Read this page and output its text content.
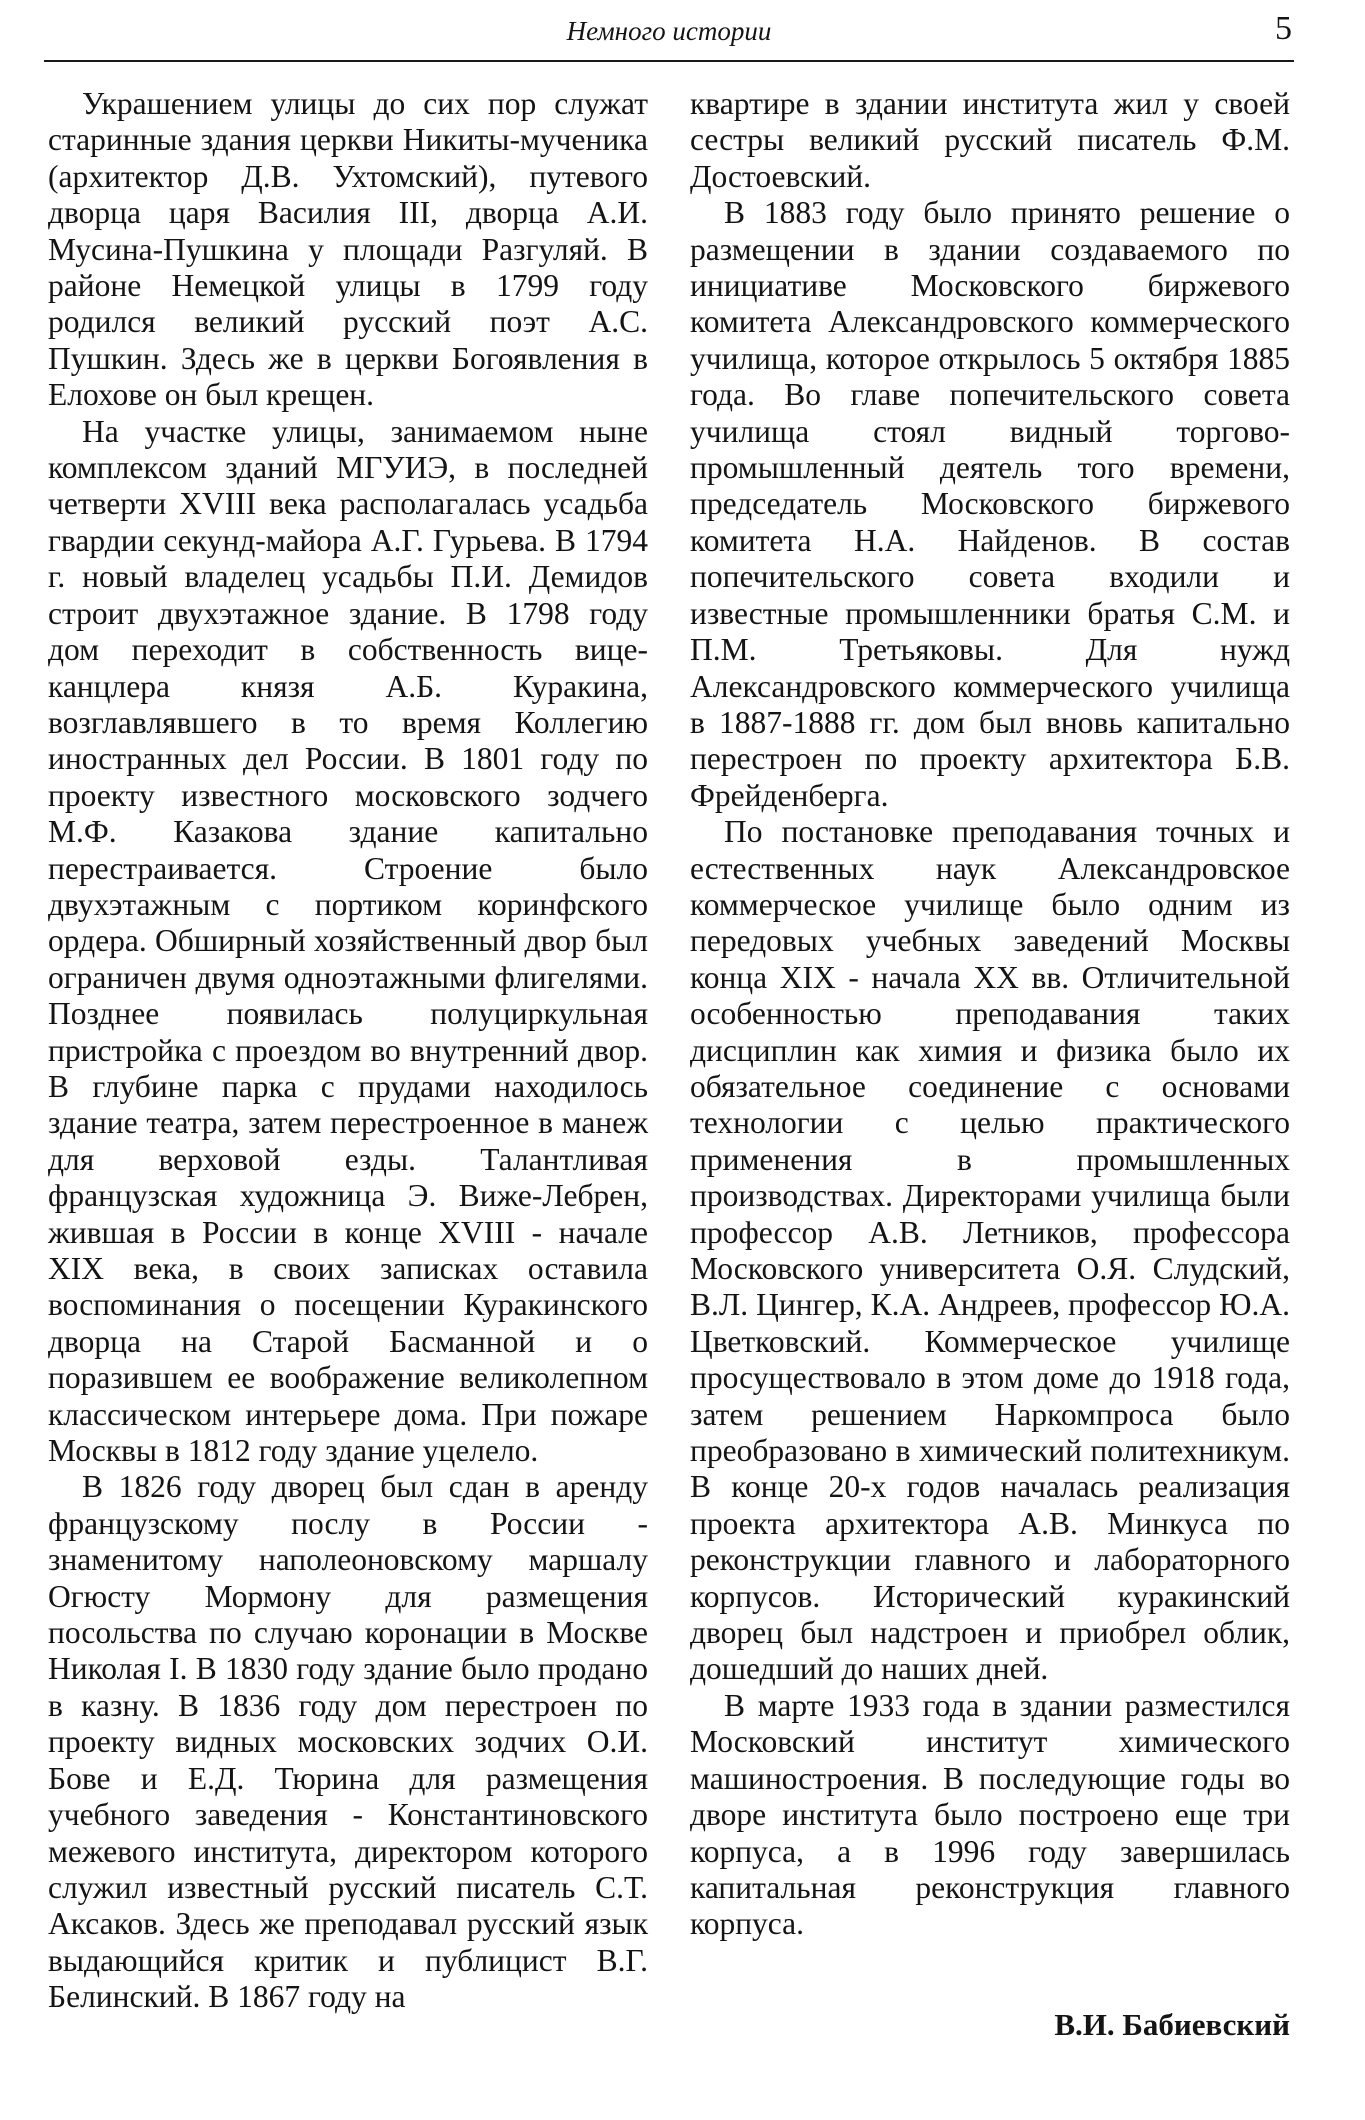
Немного истории	5

Украшением улицы до сих пор служат старинные здания церкви Никиты-мученика (архитектор Д.В. Ухтомский), путевого дворца царя Василия III, дворца А.И. Мусина-Пушкина у площади Разгуляй. В районе Немецкой улицы в 1799 году родился великий русский поэт А.С. Пушкин. Здесь же в церкви Богоявления в Елохове он был крещен.

На участке улицы, занимаемом ныне комплексом зданий МГУИЭ, в последней четверти XVIII века располагалась усадьба гвардии секунд-майора А.Г. Гурьева. В 1794 г. новый владелец усадьбы П.И. Демидов строит двухэтажное здание. В 1798 году дом переходит в собственность вице-канцлера князя А.Б. Куракина, возглавлявшего в то время Коллегию иностранных дел России. В 1801 году по проекту известного московского зодчего М.Ф. Казакова здание капитально перестраивается. Строение было двухэтажным с портиком коринфского ордера. Обширный хозяйственный двор был ограничен двумя одноэтажными флигелями. Позднее появилась полуциркульная пристройка с проездом во внутренний двор. В глубине парка с прудами находилось здание театра, затем перестроенное в манеж для верховой езды. Талантливая французская художница Э. Виже-Лебрен, жившая в России в конце XVIII - начале XIX века, в своих записках оставила воспоминания о посещении Куракинского дворца на Старой Басманной и о поразившем ее воображение великолепном классическом интерьере дома. При пожаре Москвы в 1812 году здание уцелело.

В 1826 году дворец был сдан в аренду французскому послу в России - знаменитому наполеоновскому маршалу Огюсту Мормону для размещения посольства по случаю коронации в Москве Николая I. В 1830 году здание было продано в казну. В 1836 году дом перестроен по проекту видных московских зодчих О.И. Бове и Е.Д. Тюрина для размещения учебного заведения - Константиновского межевого института, директором которого служил известный русский писатель С.Т. Аксаков. Здесь же преподавал русский язык выдающийся критик и публицист В.Г. Белинский. В 1867 году на

квартире в здании института жил у своей сестры великий русский писатель Ф.М. Достоевский.

В 1883 году было принято решение о размещении в здании создаваемого по инициативе Московского биржевого комитета Александровского коммерческого училища, которое открылось 5 октября 1885 года. Во главе попечительского совета училища стоял видный торгово-промышленный деятель того времени, председатель Московского биржевого комитета Н.А. Найденов. В состав попечительского совета входили и известные промышленники братья С.М. и П.М. Третьяковы. Для нужд Александровского коммерческого училища в 1887-1888 гг. дом был вновь капитально перестроен по проекту архитектора Б.В. Фрейденберга.

По постановке преподавания точных и естественных наук Александровское коммерческое училище было одним из передовых учебных заведений Москвы конца XIX - начала XX вв. Отличительной особенностью преподавания таких дисциплин как химия и физика было их обязательное соединение с основами технологии с целью практического применения в промышленных производствах. Директорами училища были профессор А.В. Летников, профессора Московского университета О.Я. Слудский, В.Л. Цингер, К.А. Андреев, профессор Ю.А. Цветковский. Коммерческое училище просуществовало в этом доме до 1918 года, затем решением Наркомпроса было преобразовано в химический политехникум. В конце 20-х годов началась реализация проекта архитектора А.В. Минкуса по реконструкции главного и лабораторного корпусов. Исторический куракинский дворец был надстроен и приобрел облик, дошедший до наших дней.

В марте 1933 года в здании разместился Московский институт химического машиностроения. В последующие годы во дворе института было построено еще три корпуса, а в 1996 году завершилась капитальная реконструкция главного корпуса.

В.И. Бабиевский
